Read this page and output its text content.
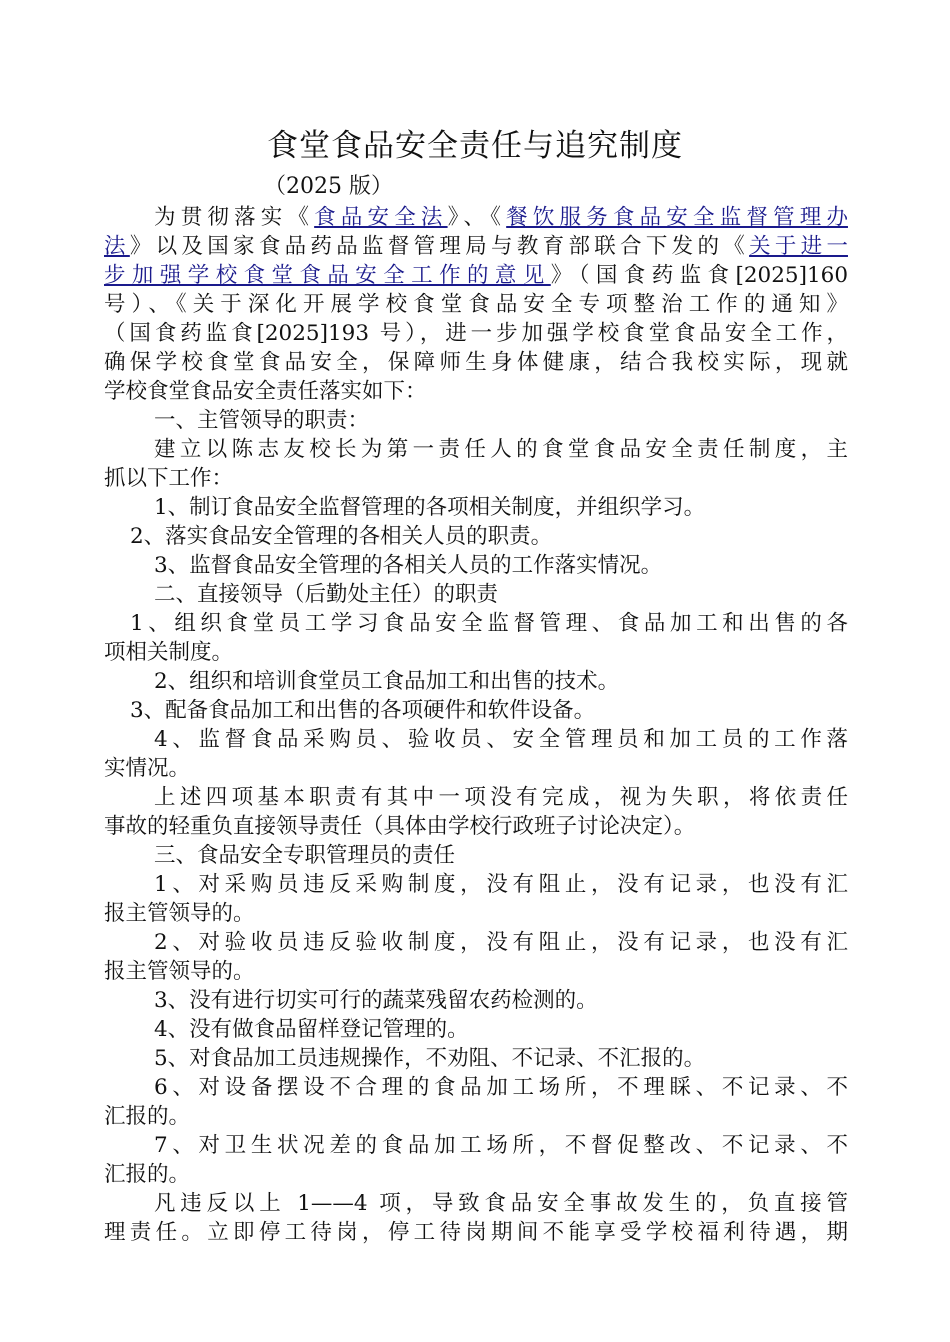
食堂食品安全责任与追究制度
（2025 版）
为贯彻落实《食品安全法》、《餐饮服务食品安全监督管理办
法》以及国家食品药品监督管理局与教育部联合下发的《关于进一
步加强学校食堂食品安全工作的意见》（国食药监食[2025]160
号）、《关于深化开展学校食堂食品安全专项整治工作的通知》
（国食药监食[2025]193 号），进一步加强学校食堂食品安全工作，
确保学校食堂食品安全，保障师生身体健康，结合我校实际，现就
学校食堂食品安全责任落实如下：
一、主管领导的职责：
建立以陈志友校长为第一责任人的食堂食品安全责任制度，主
抓以下工作：
1、制订食品安全监督管理的各项相关制度，并组织学习。
2、落实食品安全管理的各相关人员的职责。
3、监督食品安全管理的各相关人员的工作落实情况。
二、直接领导（后勤处主任）的职责
1、组织食堂员工学习食品安全监督管理、食品加工和出售的各
项相关制度。
2、组织和培训食堂员工食品加工和出售的技术。
3、配备食品加工和出售的各项硬件和软件设备。
4、监督食品采购员、验收员、安全管理员和加工员的工作落
实情况。
上述四项基本职责有其中一项没有完成，视为失职，将依责任
事故的轻重负直接领导责任（具体由学校行政班子讨论决定）。
三、食品安全专职管理员的责任
1、对采购员违反采购制度，没有阻止，没有记录，也没有汇
报主管领导的。
2、对验收员违反验收制度，没有阻止，没有记录，也没有汇
报主管领导的。
3、没有进行切实可行的蔬菜残留农药检测的。
4、没有做食品留样登记管理的。
5、对食品加工员违规操作，不劝阻、不记录、不汇报的。
6、对设备摆设不合理的食品加工场所，不理睬、不记录、不
汇报的。
7、对卫生状况差的食品加工场所，不督促整改、不记录、不
汇报的。
凡违反以上 1——4 项，导致食品安全事故发生的，负直接管
理责任。立即停工待岗，停工待岗期间不能享受学校福利待遇，期
